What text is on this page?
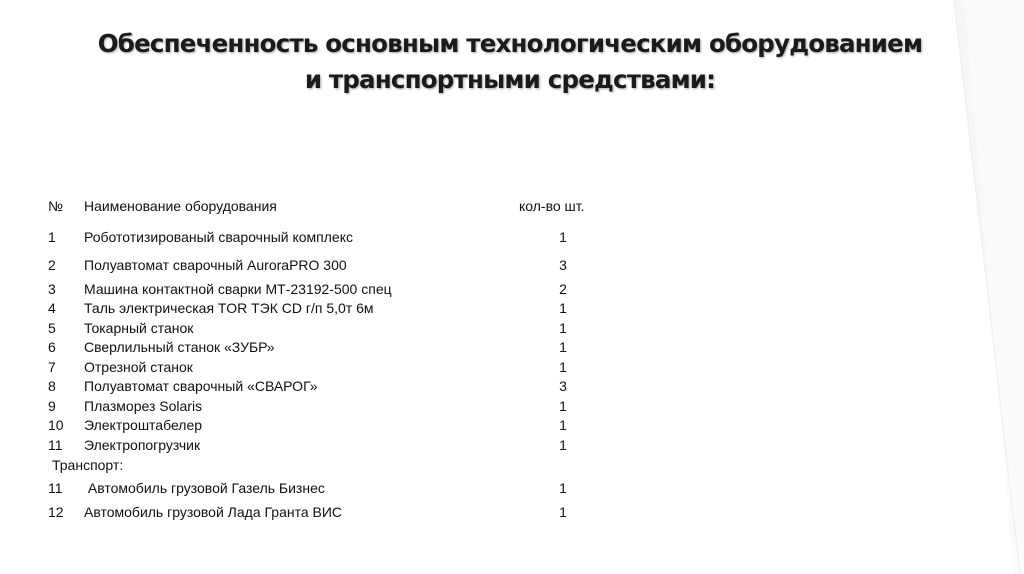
Обеспеченность основным технологическим оборудованием
и транспортными средствами:
№ Наименование оборудования	кол-во шт.
1 Робототизированый сварочный комплекс	1
2 Полуавтомат сварочный AuroraPRO 300	3
3 Машина контактной сварки МТ-23192-500 спец	2
4 Таль электрическая TOR ТЭК CD г/п 5,0т 6м	1
5 Токарный станок	1
6 Сверлильный станок «ЗУБР»	1
7 Отрезной станок	1
8 Полуавтомат сварочный «СВАРОГ»	3
9 Плазморез Solaris	1
10 Электроштабелер	1
11 Электропогрузчик	1
Транспорт:
11 Автомобиль грузовой Газель Бизнес	1
12 Автомобиль грузовой Лада Гранта ВИС	1
